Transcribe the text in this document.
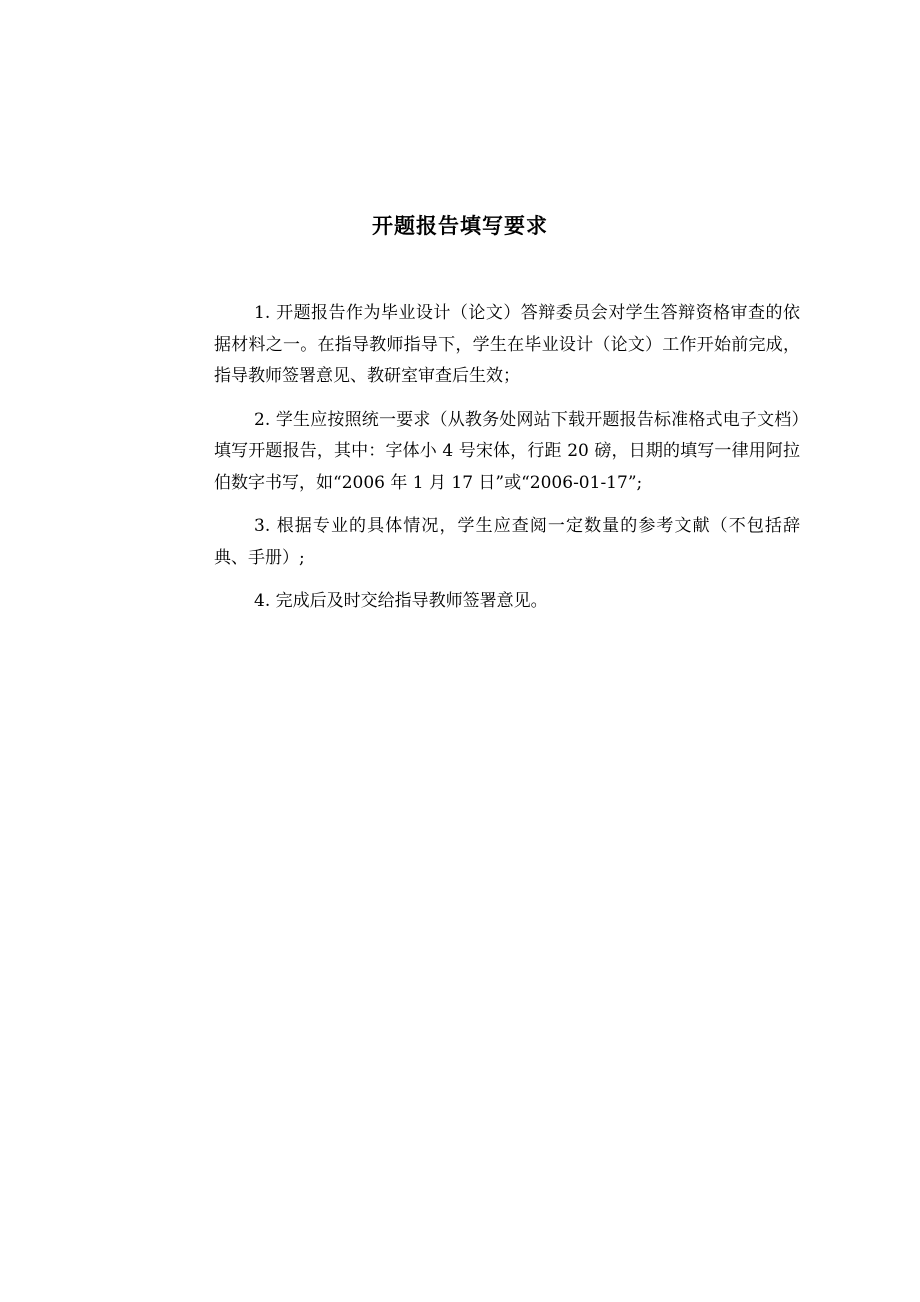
开题报告填写要求

1. 开题报告作为毕业设计（论文）答辩委员会对学生答辩资格审查的依据材料之一。在指导教师指导下，学生在毕业设计（论文）工作开始前完成，指导教师签署意见、教研室审查后生效；

2. 学生应按照统一要求（从教务处网站下载开题报告标准格式电子文档）填写开题报告，其中：字体小 4 号宋体，行距 20 磅，日期的填写一律用阿拉伯数字书写，如“2006 年 1 月 17 日”或“2006-01-17”;

3. 根据专业的具体情况，学生应查阅一定数量的参考文献（不包括辞典、手册）;

4. 完成后及时交给指导教师签署意见。
